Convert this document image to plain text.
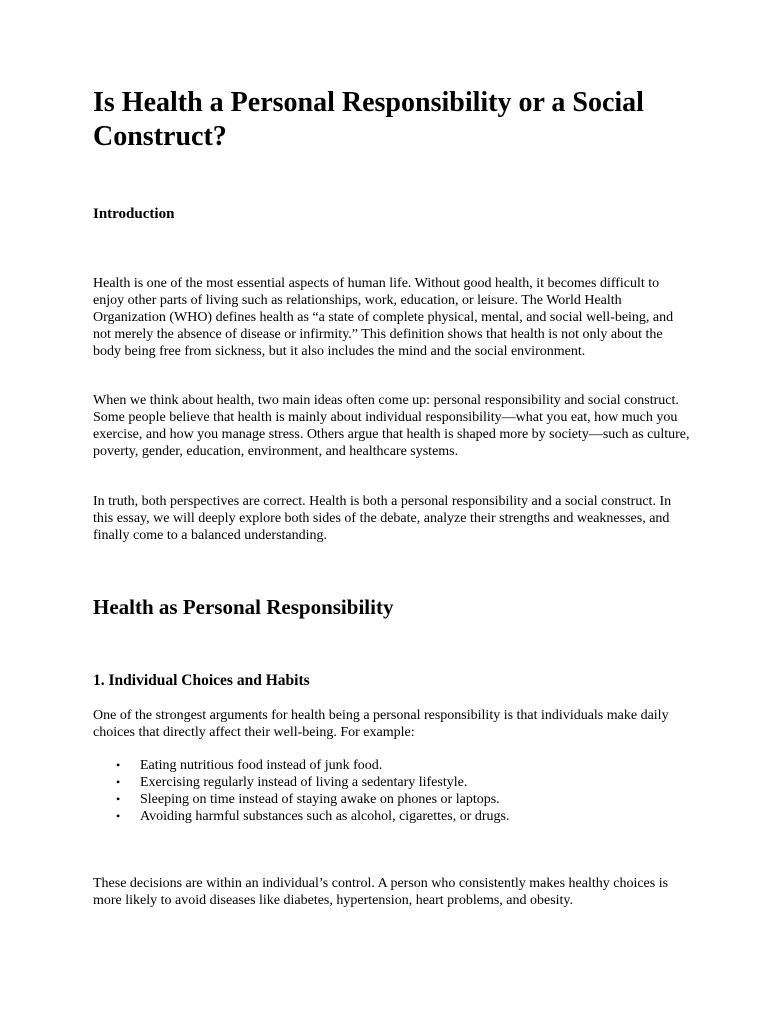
Is Health a Personal Responsibility or a Social Construct?
Introduction

Health is one of the most essential aspects of human life. Without good health, it becomes difficult to enjoy other parts of living such as relationships, work, education, or leisure. The World Health Organization (WHO) defines health as “a state of complete physical, mental, and social well-being, and not merely the absence of disease or infirmity.” This definition shows that health is not only about the body being free from sickness, but it also includes the mind and the social environment.

When we think about health, two main ideas often come up: personal responsibility and social construct. Some people believe that health is mainly about individual responsibility—what you eat, how much you exercise, and how you manage stress. Others argue that health is shaped more by society—such as culture, poverty, gender, education, environment, and healthcare systems.

In truth, both perspectives are correct. Health is both a personal responsibility and a social construct. In this essay, we will deeply explore both sides of the debate, analyze their strengths and weaknesses, and finally come to a balanced understanding.

Health as Personal Responsibility
1. Individual Choices and Habits

One of the strongest arguments for health being a personal responsibility is that individuals make daily choices that directly affect their well-being. For example:

• Eating nutritious food instead of junk food.
• Exercising regularly instead of living a sedentary lifestyle.
• Sleeping on time instead of staying awake on phones or laptops.
• Avoiding harmful substances such as alcohol, cigarettes, or drugs.

These decisions are within an individual’s control. A person who consistently makes healthy choices is more likely to avoid diseases like diabetes, hypertension, heart problems, and obesity.
